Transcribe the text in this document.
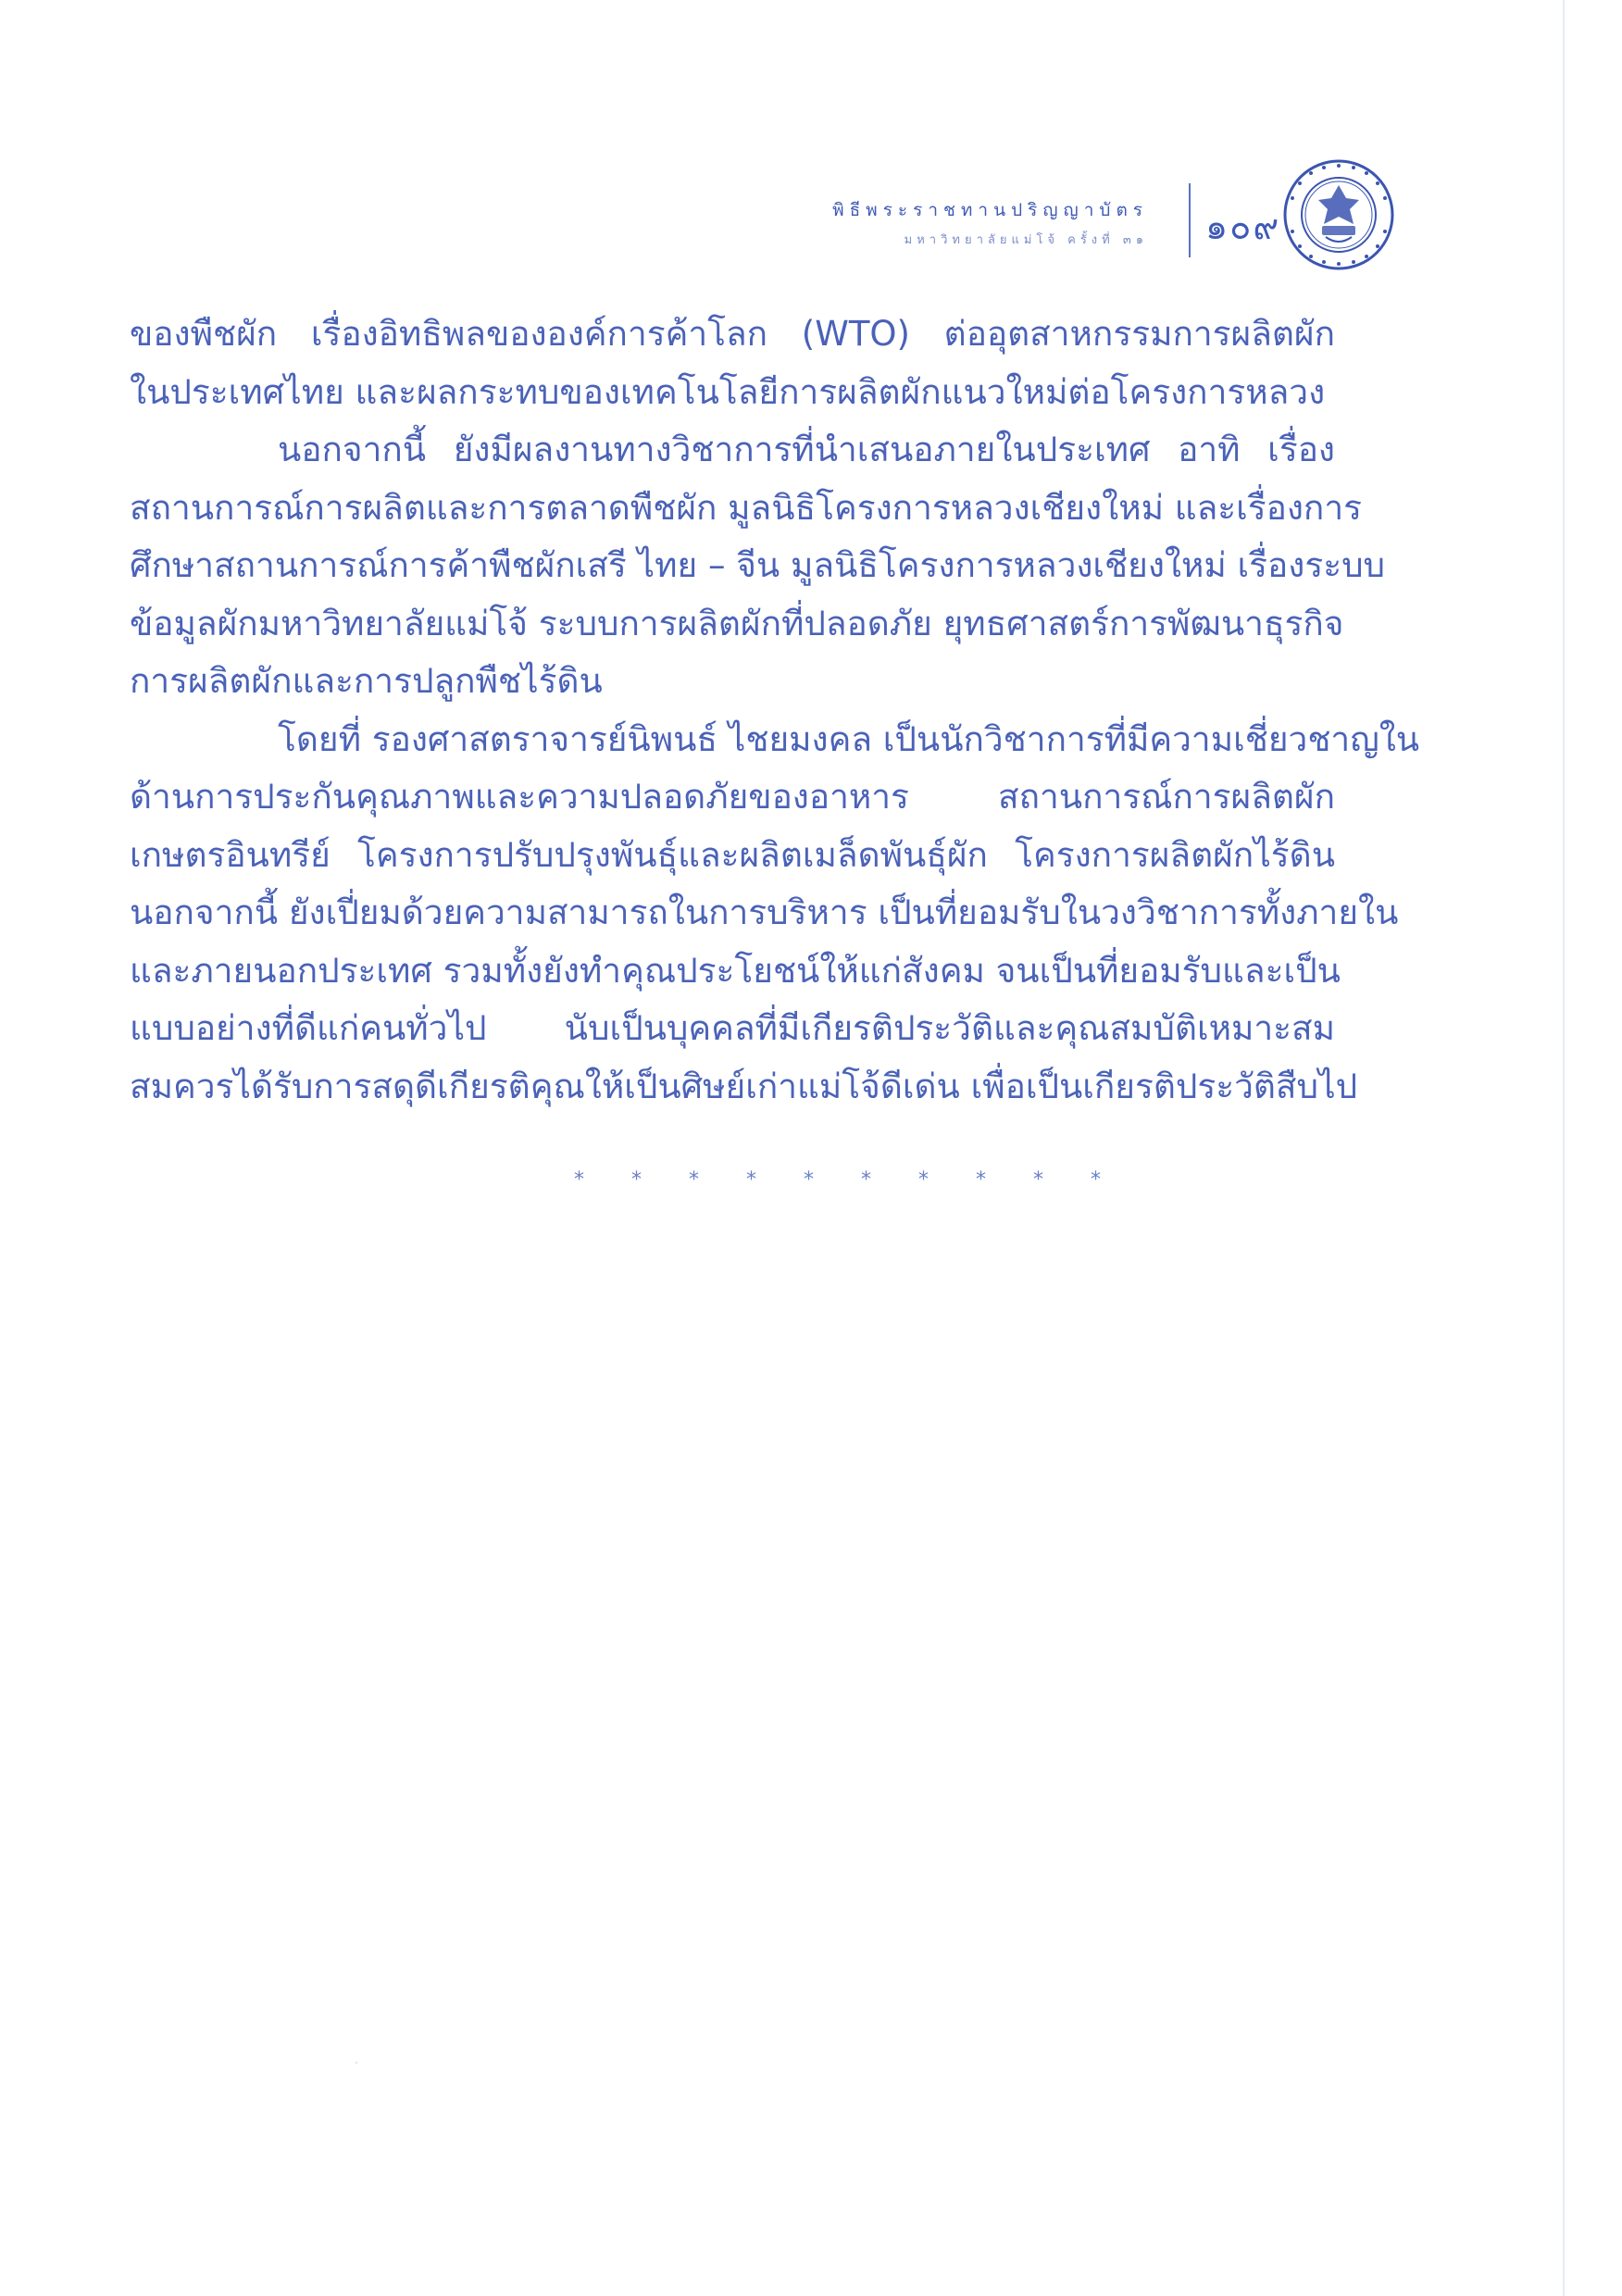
พิธีพระราชทานปริญญาบัตร
มหาวิทยาลัยแม่โจ้ ครั้งที่ ๓๑ ๑๐๙
ของพืชผัก เรื่องอิทธิพลขององค์การค้าโลก (WTO) ต่ออุตสาหกรรมการผลิตผัก
ในประเทศไทย และผลกระทบของเทคโนโลยีการผลิตผักแนวใหม่ต่อโครงการหลวง
นอกจากนี้ ยังมีผลงานทางวิชาการที่นำเสนอภายในประเทศ อาทิ เรื่อง
สถานการณ์การผลิตและการตลาดพืชผัก มูลนิธิโครงการหลวงเชียงใหม่ และเรื่องการ
ศึกษาสถานการณ์การค้าพืชผักเสรี ไทย – จีน มูลนิธิโครงการหลวงเชียงใหม่ เรื่องระบบ
ข้อมูลผักมหาวิทยาลัยแม่โจ้ ระบบการผลิตผักที่ปลอดภัย ยุทธศาสตร์การพัฒนาธุรกิจ
การผลิตผักและการปลูกพืชไร้ดิน
โดยที่ รองศาสตราจารย์นิพนธ์ ไชยมงคล เป็นนักวิชาการที่มีความเชี่ยวชาญใน
ด้านการประกันคุณภาพและความปลอดภัยของอาหาร สถานการณ์การผลิตผัก
เกษตรอินทรีย์ โครงการปรับปรุงพันธุ์และผลิตเมล็ดพันธุ์ผัก โครงการผลิตผักไร้ดิน
นอกจากนี้ ยังเปี่ยมด้วยความสามารถในการบริหาร เป็นที่ยอมรับในวงวิชาการทั้งภายใน
และภายนอกประเทศ รวมทั้งยังทำคุณประโยชน์ให้แก่สังคม จนเป็นที่ยอมรับและเป็น
แบบอย่างที่ดีแก่คนทั่วไป นับเป็นบุคคลที่มีเกียรติประวัติและคุณสมบัติเหมาะสม
สมควรได้รับการสดุดีเกียรติคุณให้เป็นศิษย์เก่าแม่โจ้ดีเด่น เพื่อเป็นเกียรติประวัติสืบไป
* * * * * * * * * *
